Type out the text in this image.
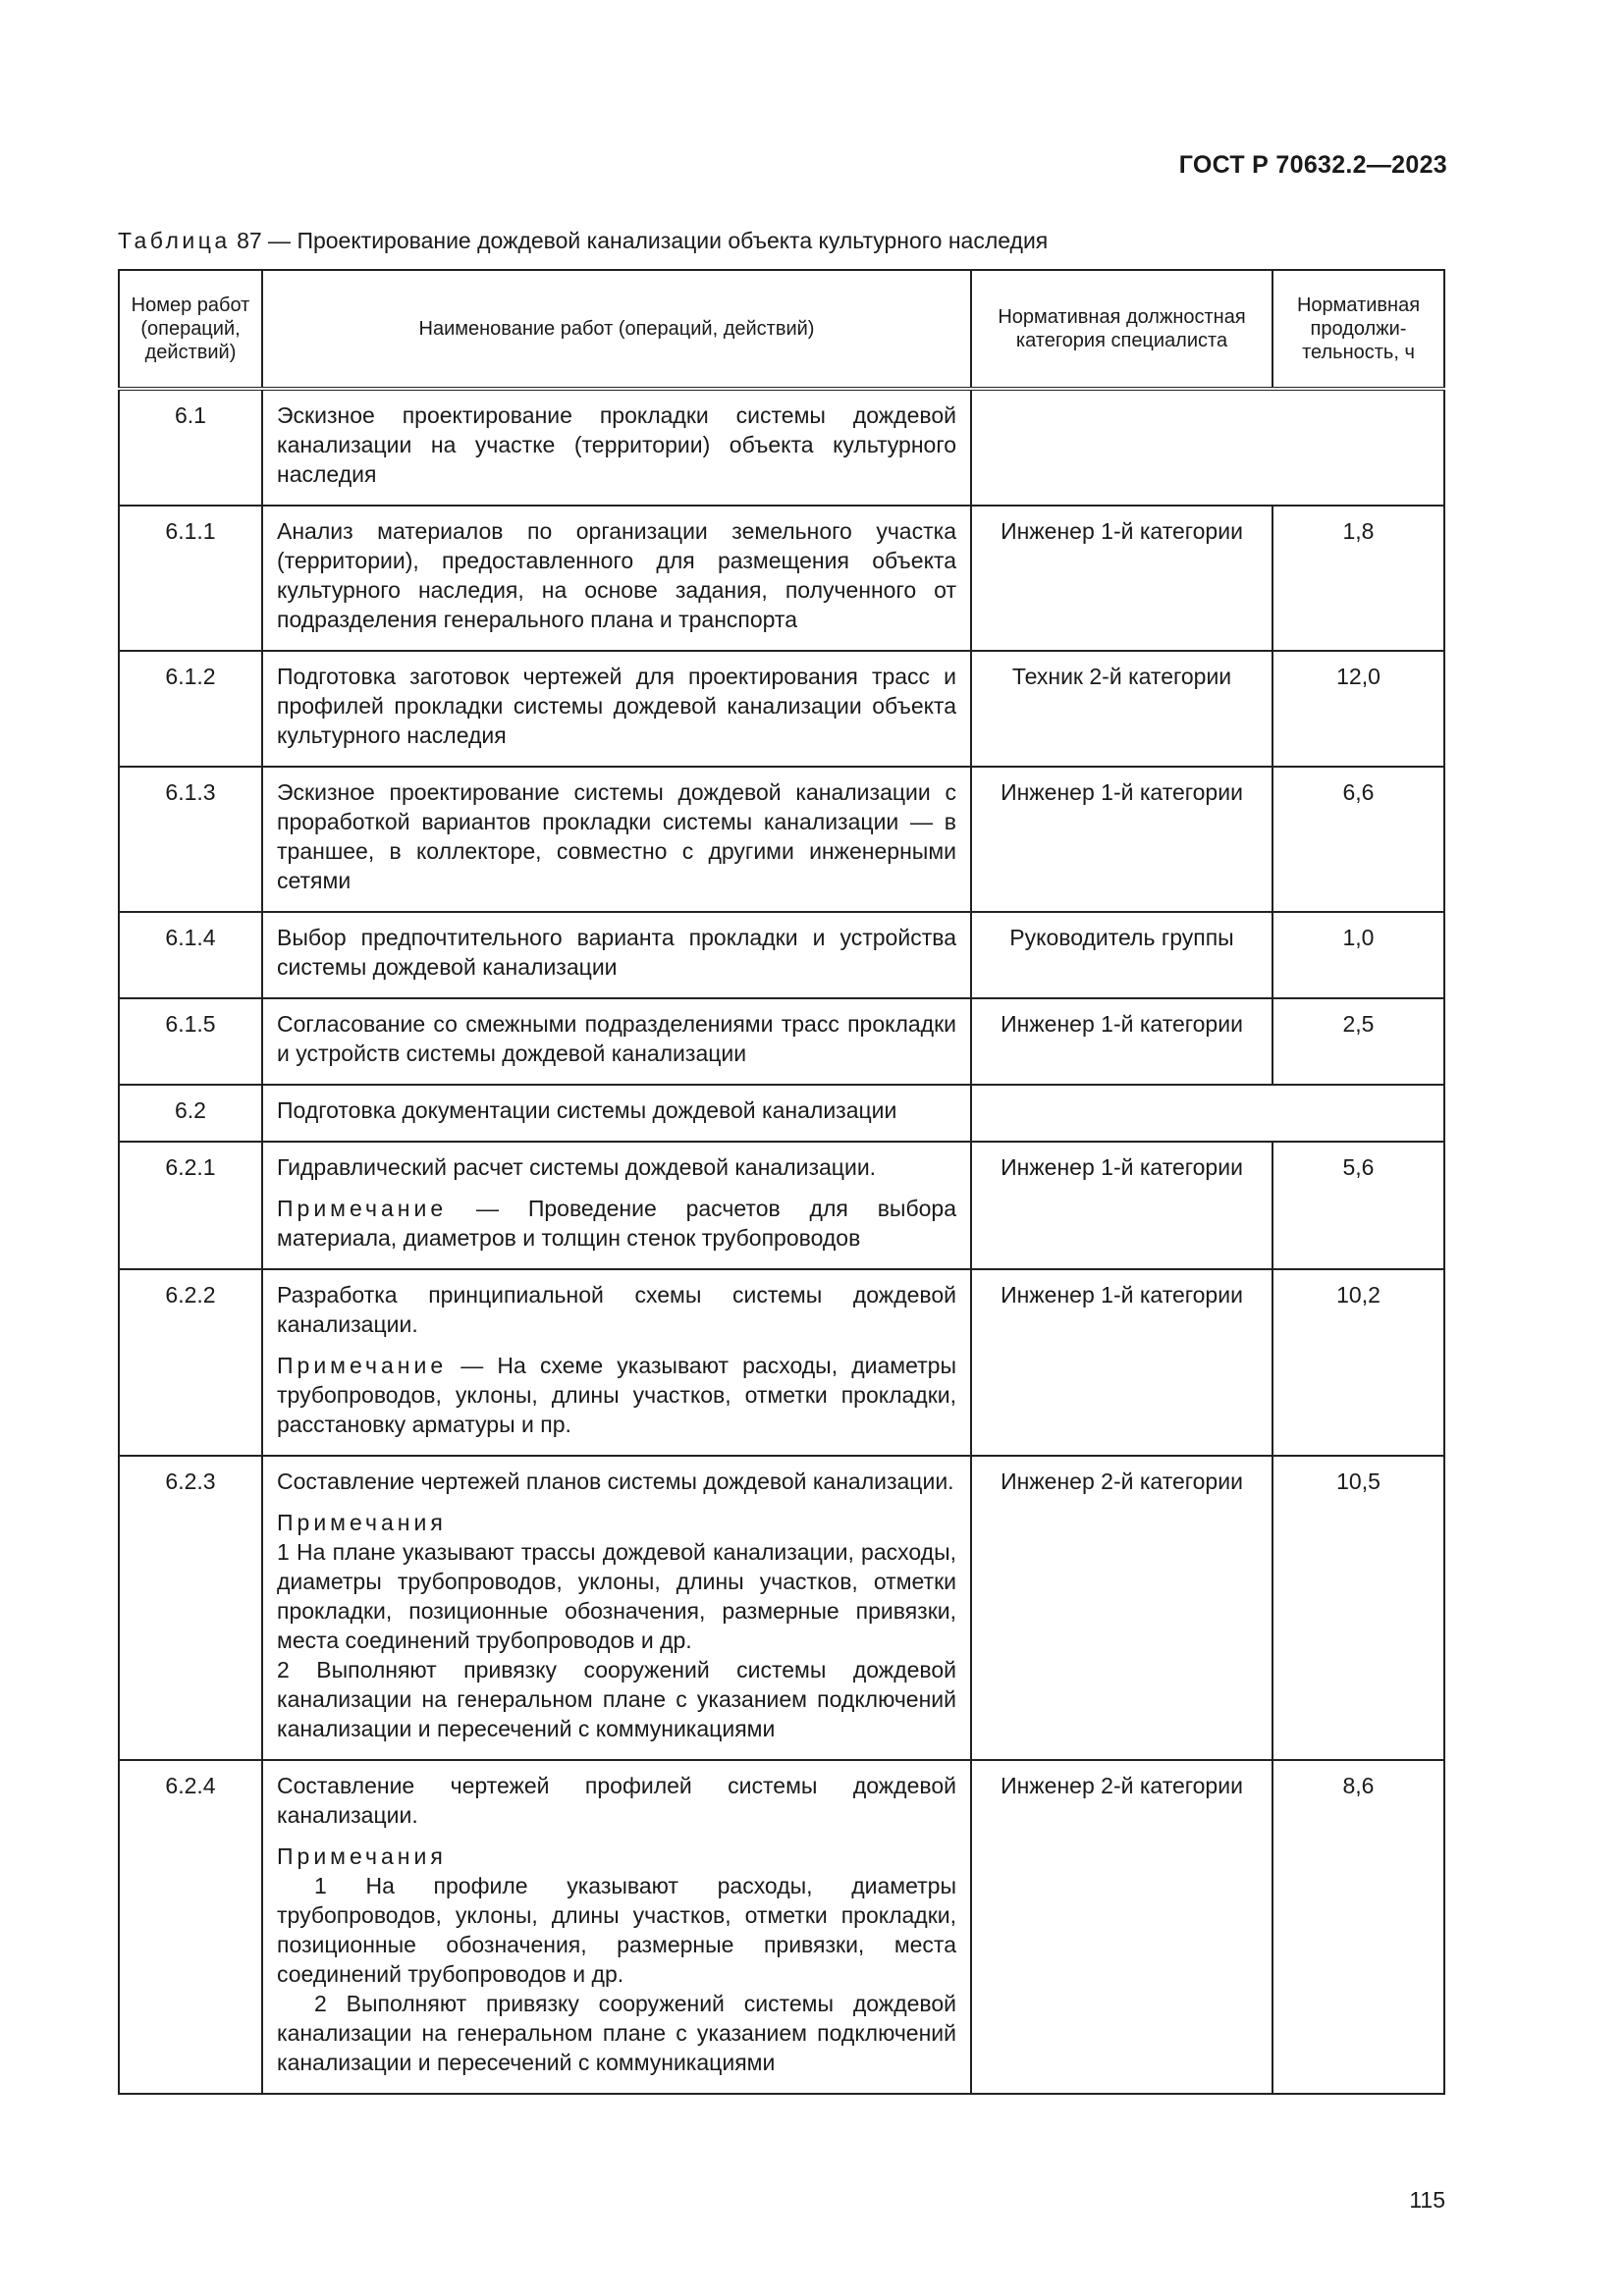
ГОСТ Р 70632.2—2023
Таблица 87 — Проектирование дождевой канализации объекта культурного наследия
Номер работ (операций, действий)	Наименование работ (операций, действий)	Нормативная должностная категория специалиста	Нормативная продолжительность, ч
6.1	Эскизное проектирование прокладки системы дождевой канализации на участке (территории) объекта культурного наследия		
6.1.1	Анализ материалов по организации земельного участка (территории), предоставленного для размещения объекта культурного наследия, на основе задания, полученного от подразделения генерального плана и транспорта	Инженер 1-й категории	1,8
6.1.2	Подготовка заготовок чертежей для проектирования трасс и профилей прокладки системы дождевой канализации объекта культурного наследия	Техник 2-й категории	12,0
6.1.3	Эскизное проектирование системы дождевой канализации с проработкой вариантов прокладки системы канализации — в траншее, в коллекторе, совместно с другими инженерными сетями	Инженер 1-й категории	6,6
6.1.4	Выбор предпочтительного варианта прокладки и устройства системы дождевой канализации	Руководитель группы	1,0
6.1.5	Согласование со смежными подразделениями трасс прокладки и устройств системы дождевой канализации	Инженер 1-й категории	2,5
6.2	Подготовка документации системы дождевой канализации		
6.2.1	Гидравлический расчет системы дождевой канализации.

Примечание — Проведение расчетов для выбора материала, диаметров и толщин стенок трубопроводов	Инженер 1-й категории	5,6
6.2.2	Разработка принципиальной схемы системы дождевой канализации.

Примечание — На схеме указывают расходы, диаметры трубопроводов, уклоны, длины участков, отметки прокладки, расстановку арматуры и пр.	Инженер 1-й категории	10,2
6.2.3	Составление чертежей планов системы дождевой канализации.

Примечания

1 На плане указывают трассы дождевой канализации, расходы, диаметры трубопроводов, уклоны, длины участков, отметки прокладки, позиционные обозначения, размерные привязки, места соединений трубопроводов и др.

2 Выполняют привязку сооружений системы дождевой канализации на генеральном плане с указанием подключений канализации и пересечений с коммуникациями	Инженер 2-й категории	10,5
6.2.4	Составление чертежей профилей системы дождевой канализации.

Примечания

1 На профиле указывают расходы, диаметры трубопроводов, уклоны, длины участков, отметки прокладки, позиционные обозначения, размерные привязки, места соединений трубопроводов и др.

2 Выполняют привязку сооружений системы дождевой канализации на генеральном плане с указанием подключений канализации и пересечений с коммуникациями	Инженер 2-й категории	8,6
115
